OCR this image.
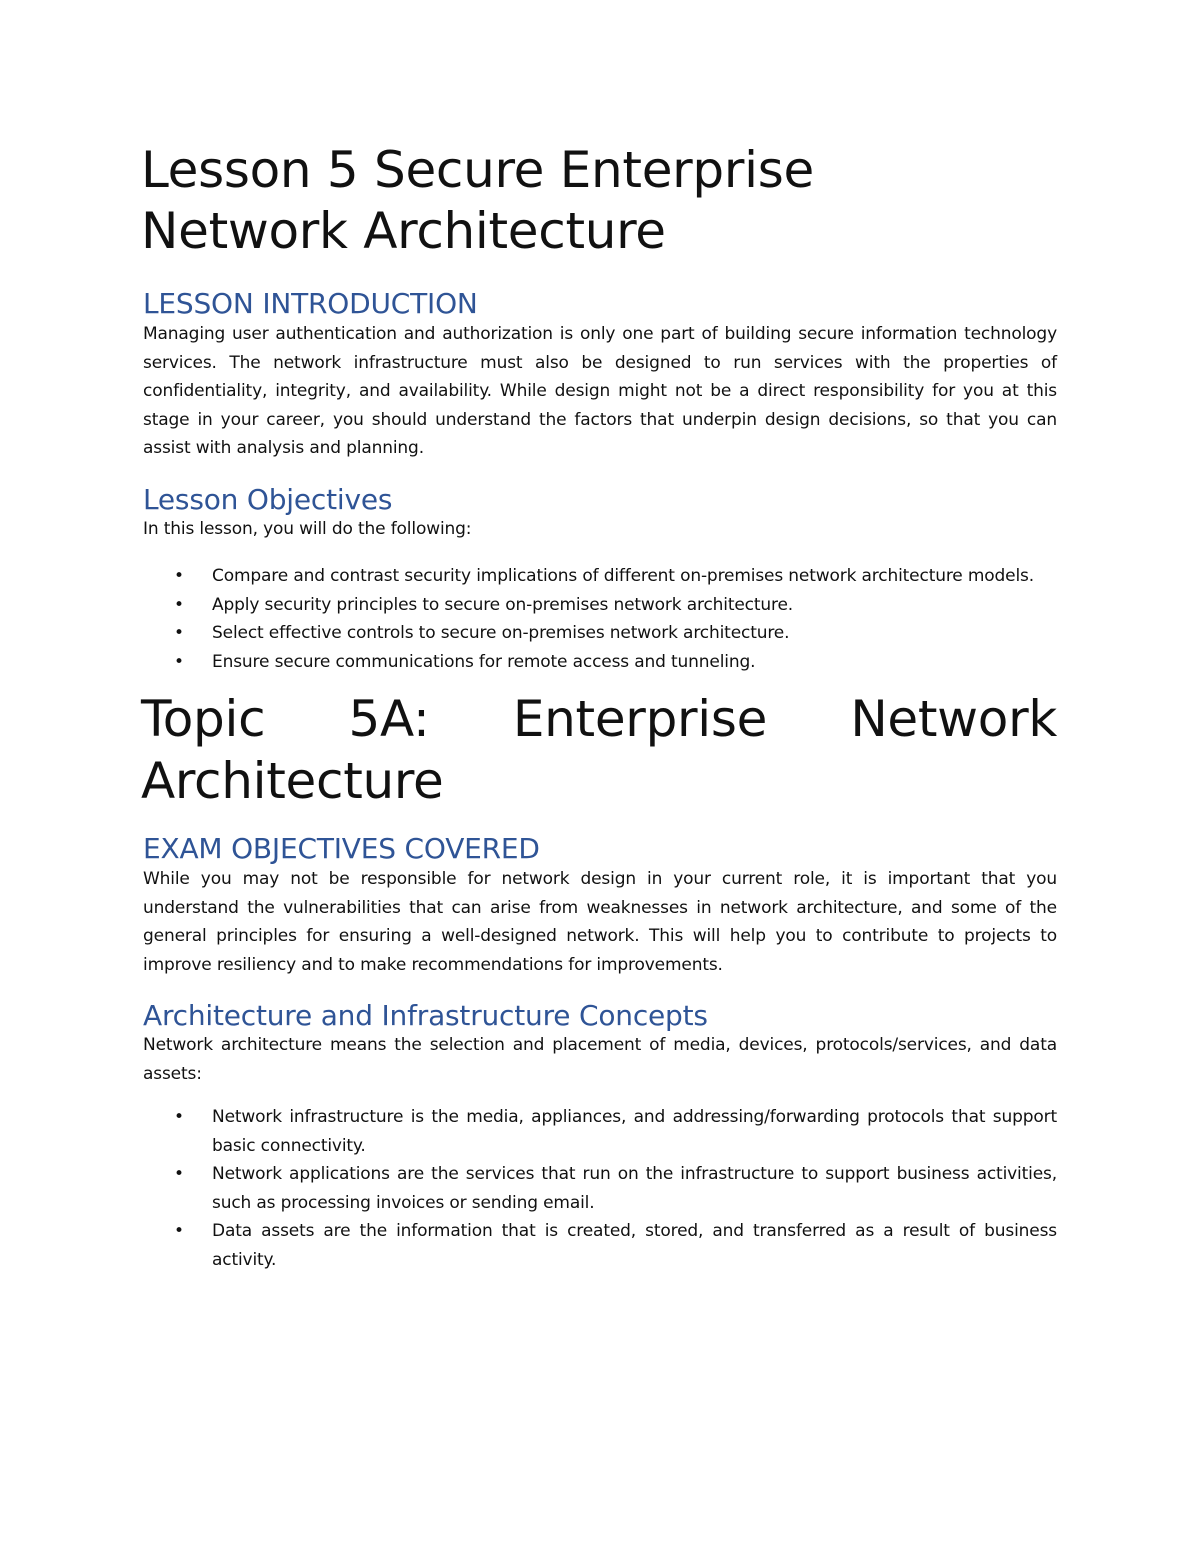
Lesson 5 Secure Enterprise
Network Architecture
LESSON INTRODUCTION

Managing user authentication and authorization is only one part of building secure information technology services. The network infrastructure must also be designed to run services with the properties of confidentiality, integrity, and availability. While design might not be a direct responsibility for you at this stage in your career, you should understand the factors that underpin design decisions, so that you can assist with analysis and planning.

Lesson Objectives

In this lesson, you will do the following:

• Compare and contrast security implications of different on-premises network architecture models.
• Apply security principles to secure on-premises network architecture.
• Select effective controls to secure on-premises network architecture.
• Ensure secure communications for remote access and tunneling.
Topic 5A: Enterprise Network
Architecture
EXAM OBJECTIVES COVERED

While you may not be responsible for network design in your current role, it is important that you understand the vulnerabilities that can arise from weaknesses in network architecture, and some of the general principles for ensuring a well-designed network. This will help you to contribute to projects to improve resiliency and to make recommendations for improvements.

Architecture and Infrastructure Concepts

Network architecture means the selection and placement of media, devices, protocols/services, and data assets:

• Network infrastructure is the media, appliances, and addressing/forwarding protocols that support basic connectivity.
• Network applications are the services that run on the infrastructure to support business activities, such as processing invoices or sending email.
• Data assets are the information that is created, stored, and transferred as a result of business activity.
